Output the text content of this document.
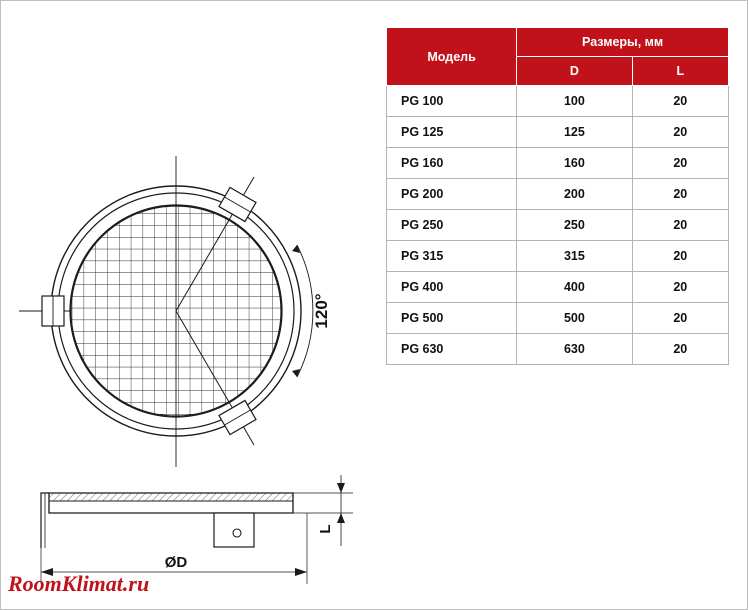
120°
L
ØD
Модель	Размеры, мм	
	D	L
PG 100	100	20
PG 125	125	20
PG 160	160	20
PG 200	200	20
PG 250	250	20
PG 315	315	20
PG 400	400	20
PG 500	500	20
PG 630	630	20
RoomKlimat.ru
